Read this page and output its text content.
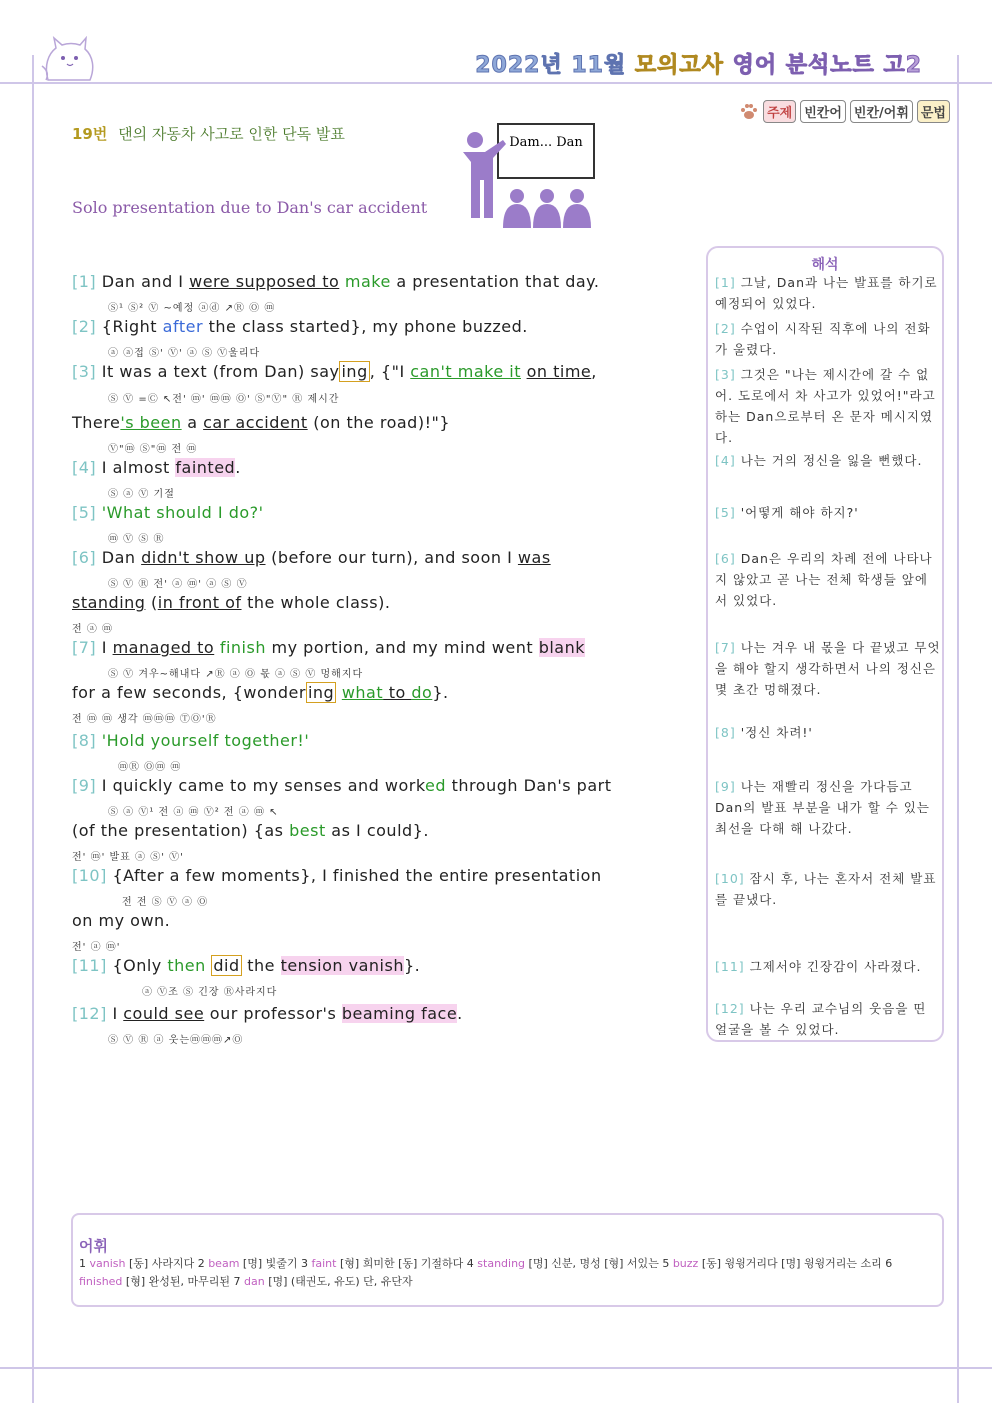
2022년 11월 모의고사 영어 분석노트 고2
주제 빈칸어 빈칸/어휘 문법
19번 댄의 자동차 사고로 인한 단독 발표
Solo presentation due to Dan's car accident
Dam... Dan
[1] Dan and I were supposed to make a presentation that day.
Ⓢ¹ Ⓢ² Ⓥ ~예정 ⓐⓓ ↗Ⓡ Ⓞ ⓜ
[2] {Right after the class started}, my phone buzzed.
ⓐ ⓐ접 Ⓢ' Ⓥ' ⓐ Ⓢ Ⓥ울리다
[3] It was a text (from Dan) say ing , {"I can't make it on time,
Ⓢ Ⓥ =Ⓒ ↖전' ⓜ' ⓜⓜ Ⓞ' Ⓢ"Ⓥ" Ⓡ 제시간
There's been a car accident (on the road)!"}
Ⓥ"ⓜ Ⓢ"ⓜ 전 ⓜ
[4] I almost fainted.
Ⓢ ⓐ Ⓥ 기절
[5] 'What should I do?'
ⓜ Ⓥ Ⓢ Ⓡ
[6] Dan didn't show up (before our turn), and soon I was
Ⓢ Ⓥ Ⓡ 전' ⓐ ⓜ' ⓐ Ⓢ Ⓥ
standing (in front of the whole class).
전 ⓐ ⓜ
[7] I managed to finish my portion, and my mind went blank
Ⓢ Ⓥ 겨우~해내다 ↗Ⓡ ⓐ Ⓞ 몫 ⓐ Ⓢ Ⓥ 멍해지다
for a few seconds, {wonder ing what to do}.
전 ⓜ ⓜ 생각 ⓜⓜⓜ ⓉⓄ'Ⓡ
[8] 'Hold yourself together!'
ⓜⓇ Ⓞⓜ ⓜ
[9] I quickly came to my senses and worked through Dan's part
Ⓢ ⓐ Ⓥ¹ 전 ⓐ ⓜ Ⓥ² 전 ⓐ ⓜ ↖
(of the presentation) {as best as I could}.
전' ⓜ' 발표 ⓐ Ⓢ' Ⓥ'
[10] {After a few moments}, I finished the entire presentation
전 전 Ⓢ Ⓥ ⓐ Ⓞ
on my own.
전' ⓐ ⓜ'
[11] {Only then did the tension vanish}.
ⓐ Ⓥ조 Ⓢ 긴장 Ⓡ사라지다
[12] I could see our professor's beaming face.
Ⓢ Ⓥ Ⓡ ⓐ 웃는ⓜⓜⓜ↗Ⓞ
해석
[1] 그날, Dan과 나는 발표를 하기로 예정되어 있었다.
[2] 수업이 시작된 직후에 나의 전화가 울렸다.
[3] 그것은 "나는 제시간에 갈 수 없어. 도로에서 차 사고가 있었어!"라고 하는 Dan으로부터 온 문자 메시지였다.
[4] 나는 거의 정신을 잃을 뻔했다.
[5] '어떻게 해야 하지?'
[6] Dan은 우리의 차례 전에 나타나지 않았고 곧 나는 전체 학생들 앞에 서 있었다.
[7] 나는 겨우 내 몫을 다 끝냈고 무엇을 해야 할지 생각하면서 나의 정신은 몇 초간 멍해졌다.
[8] '정신 차려!'
[9] 나는 재빨리 정신을 가다듬고 Dan의 발표 부분을 내가 할 수 있는 최선을 다해 해 나갔다.
[10] 잠시 후, 나는 혼자서 전체 발표를 끝냈다.
[11] 그제서야 긴장감이 사라졌다.
[12] 나는 우리 교수님의 웃음을 띤 얼굴을 볼 수 있었다.
어휘
1 vanish [동] 사라지다 2 beam [명] 빛줄기 3 faint [형] 희미한 [동] 기절하다 4 standing [명] 신분, 명성 [형] 서있는 5 buzz [동] 윙윙거리다 [명] 윙윙거리는 소리 6 finished [형] 완성된, 마무리된 7 dan [명] (태권도, 유도) 단, 유단자
